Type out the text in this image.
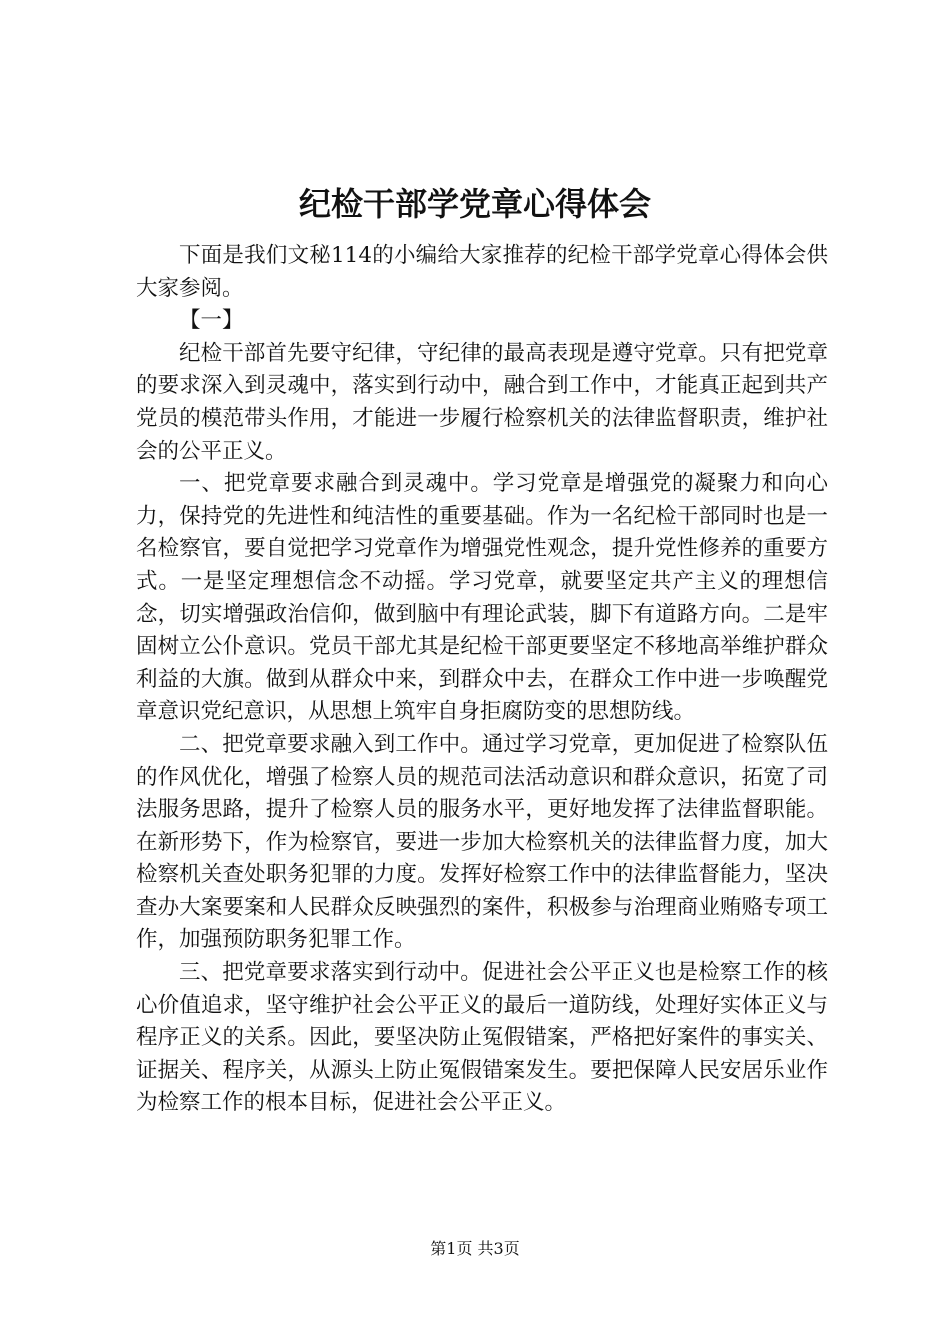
纪检干部学党章心得体会

下面是我们文秘114的小编给大家推荐的纪检干部学党章心得体会供大家参阅。

【一】

纪检干部首先要守纪律，守纪律的最高表现是遵守党章。只有把党章的要求深入到灵魂中，落实到行动中，融合到工作中，才能真正起到共产党员的模范带头作用，才能进一步履行检察机关的法律监督职责，维护社会的公平正义。

一、把党章要求融合到灵魂中。学习党章是增强党的凝聚力和向心力，保持党的先进性和纯洁性的重要基础。作为一名纪检干部同时也是一名检察官，要自觉把学习党章作为增强党性观念，提升党性修养的重要方式。一是坚定理想信念不动摇。学习党章，就要坚定共产主义的理想信念，切实增强政治信仰，做到脑中有理论武装，脚下有道路方向。二是牢固树立公仆意识。党员干部尤其是纪检干部更要坚定不移地高举维护群众利益的大旗。做到从群众中来，到群众中去，在群众工作中进一步唤醒党章意识党纪意识，从思想上筑牢自身拒腐防变的思想防线。

二、把党章要求融入到工作中。通过学习党章，更加促进了检察队伍的作风优化，增强了检察人员的规范司法活动意识和群众意识，拓宽了司法服务思路，提升了检察人员的服务水平，更好地发挥了法律监督职能。在新形势下，作为检察官，要进一步加大检察机关的法律监督力度，加大检察机关查处职务犯罪的力度。发挥好检察工作中的法律监督能力，坚决查办大案要案和人民群众反映强烈的案件，积极参与治理商业贿赂专项工作，加强预防职务犯罪工作。

三、把党章要求落实到行动中。促进社会公平正义也是检察工作的核心价值追求，坚守维护社会公平正义的最后一道防线，处理好实体正义与程序正义的关系。因此，要坚决防止冤假错案，严格把好案件的事实关、证据关、程序关，从源头上防止冤假错案发生。要把保障人民安居乐业作为检察工作的根本目标，促进社会公平正义。

第1页 共3页
